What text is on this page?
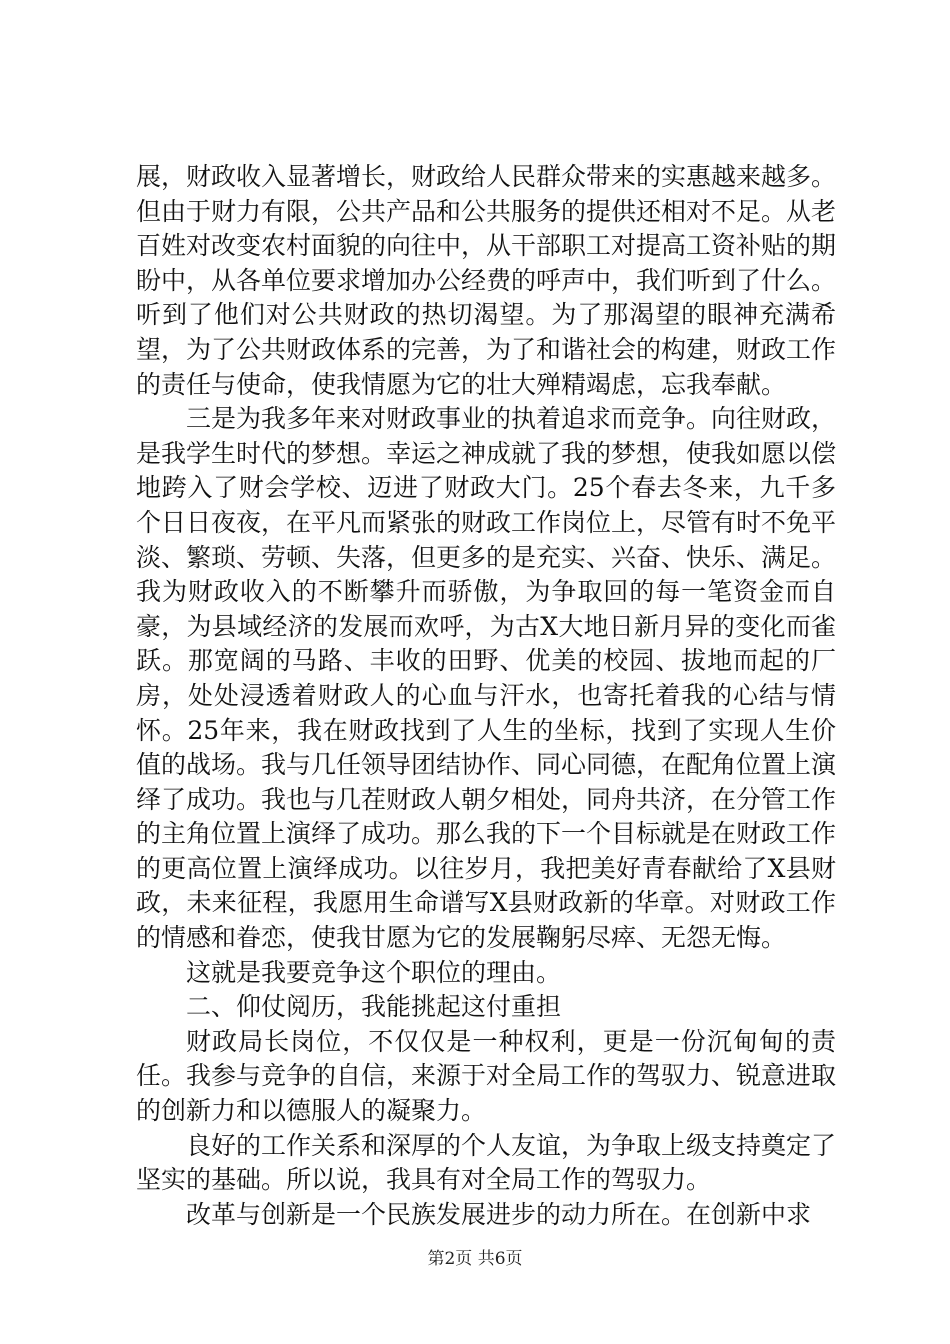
展，财政收入显著增长，财政给人民群众带来的实惠越来越多。但由于财力有限，公共产品和公共服务的提供还相对不足。从老百姓对改变农村面貌的向往中，从干部职工对提高工资补贴的期盼中，从各单位要求增加办公经费的呼声中，我们听到了什么。听到了他们对公共财政的热切渴望。为了那渴望的眼神充满希望，为了公共财政体系的完善，为了和谐社会的构建，财政工作的责任与使命，使我情愿为它的壮大殚精竭虑，忘我奉献。

三是为我多年来对财政事业的执着追求而竞争。向往财政，是我学生时代的梦想。幸运之神成就了我的梦想，使我如愿以偿地跨入了财会学校、迈进了财政大门。25个春去冬来，九千多个日日夜夜，在平凡而紧张的财政工作岗位上，尽管有时不免平淡、繁琐、劳顿、失落，但更多的是充实、兴奋、快乐、满足。我为财政收入的不断攀升而骄傲，为争取回的每一笔资金而自豪，为县域经济的发展而欢呼，为古X大地日新月异的变化而雀跃。那宽阔的马路、丰收的田野、优美的校园、拔地而起的厂房，处处浸透着财政人的心血与汗水，也寄托着我的心结与情怀。25年来，我在财政找到了人生的坐标，找到了实现人生价值的战场。我与几任领导团结协作、同心同德，在配角位置上演绎了成功。我也与几茬财政人朝夕相处，同舟共济，在分管工作的主角位置上演绎了成功。那么我的下一个目标就是在财政工作的更高位置上演绎成功。以往岁月，我把美好青春献给了X县财政，未来征程，我愿用生命谱写X县财政新的华章。对财政工作的情感和眷恋，使我甘愿为它的发展鞠躬尽瘁、无怨无悔。

这就是我要竞争这个职位的理由。

二、仰仗阅历，我能挑起这付重担

财政局长岗位，不仅仅是一种权利，更是一份沉甸甸的责任。我参与竞争的自信，来源于对全局工作的驾驭力、锐意进取的创新力和以德服人的凝聚力。

良好的工作关系和深厚的个人友谊，为争取上级支持奠定了坚实的基础。所以说，我具有对全局工作的驾驭力。

改革与创新是一个民族发展进步的动力所在。在创新中求

第2页 共6页
